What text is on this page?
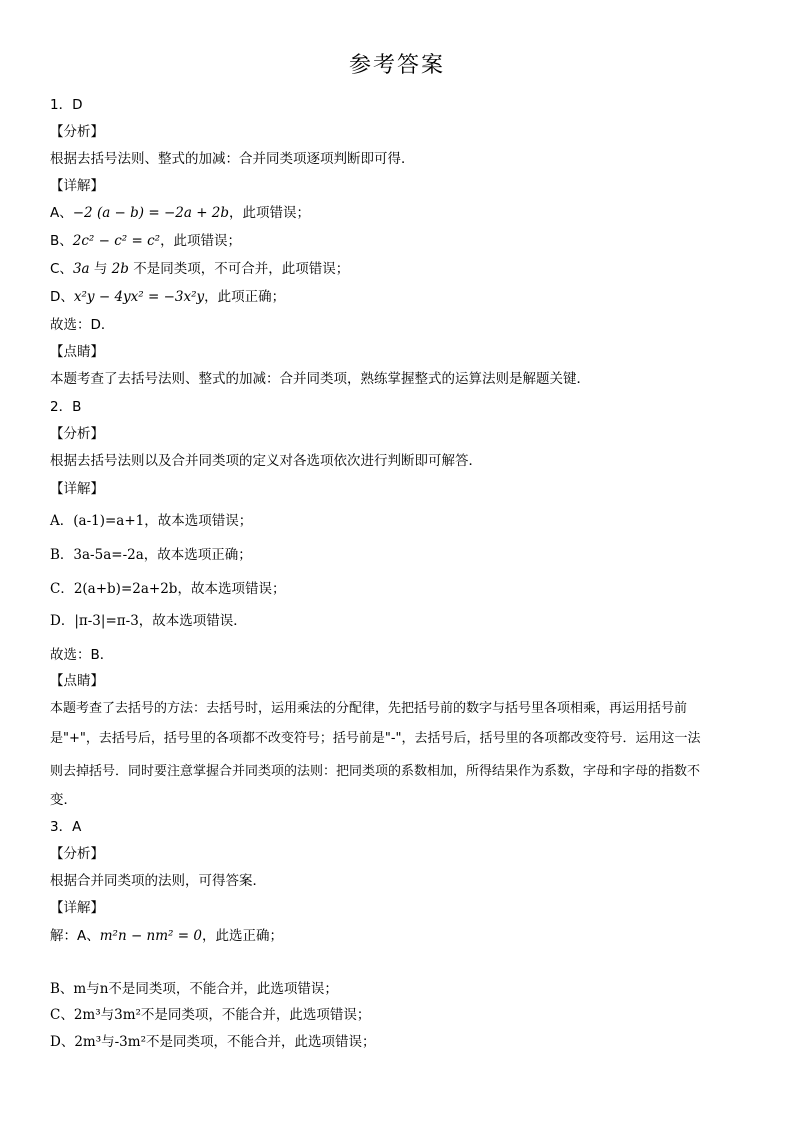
参考答案
1．D
【分析】
根据去括号法则、整式的加减：合并同类项逐项判断即可得．
【详解】
A、−2 (a − b) = −2a + 2b，此项错误；
B、2c² − c² = c²，此项错误；
C、3a 与 2b 不是同类项，不可合并，此项错误；
D、x²y − 4yx² = −3x²y，此项正确；
故选：D．
【点睛】
本题考查了去括号法则、整式的加减：合并同类项，熟练掌握整式的运算法则是解题关键．
2．B
【分析】
根据去括号法则以及合并同类项的定义对各选项依次进行判断即可解答．
【详解】
A．(a-1)=a+1，故本选项错误；
B．3a-5a=-2a，故本选项正确；
C．2(a+b)=2a+2b，故本选项错误；
D．|π-3|=π-3，故本选项错误．
故选：B．
【点睛】
本题考查了去括号的方法：去括号时，运用乘法的分配律，先把括号前的数字与括号里各项相乘，再运用括号前
是"+"，去括号后，括号里的各项都不改变符号；括号前是"-"，去括号后，括号里的各项都改变符号．运用这一法
则去掉括号．同时要注意掌握合并同类项的法则：把同类项的系数相加，所得结果作为系数，字母和字母的指数不
变．
3．A
【分析】
根据合并同类项的法则，可得答案．
【详解】
解：A、m²n − nm² = 0，此选正确；
B、m与n不是同类项，不能合并，此选项错误；
C、2m³与3m²不是同类项，不能合并，此选项错误；
D、2m³与-3m²不是同类项，不能合并，此选项错误；
